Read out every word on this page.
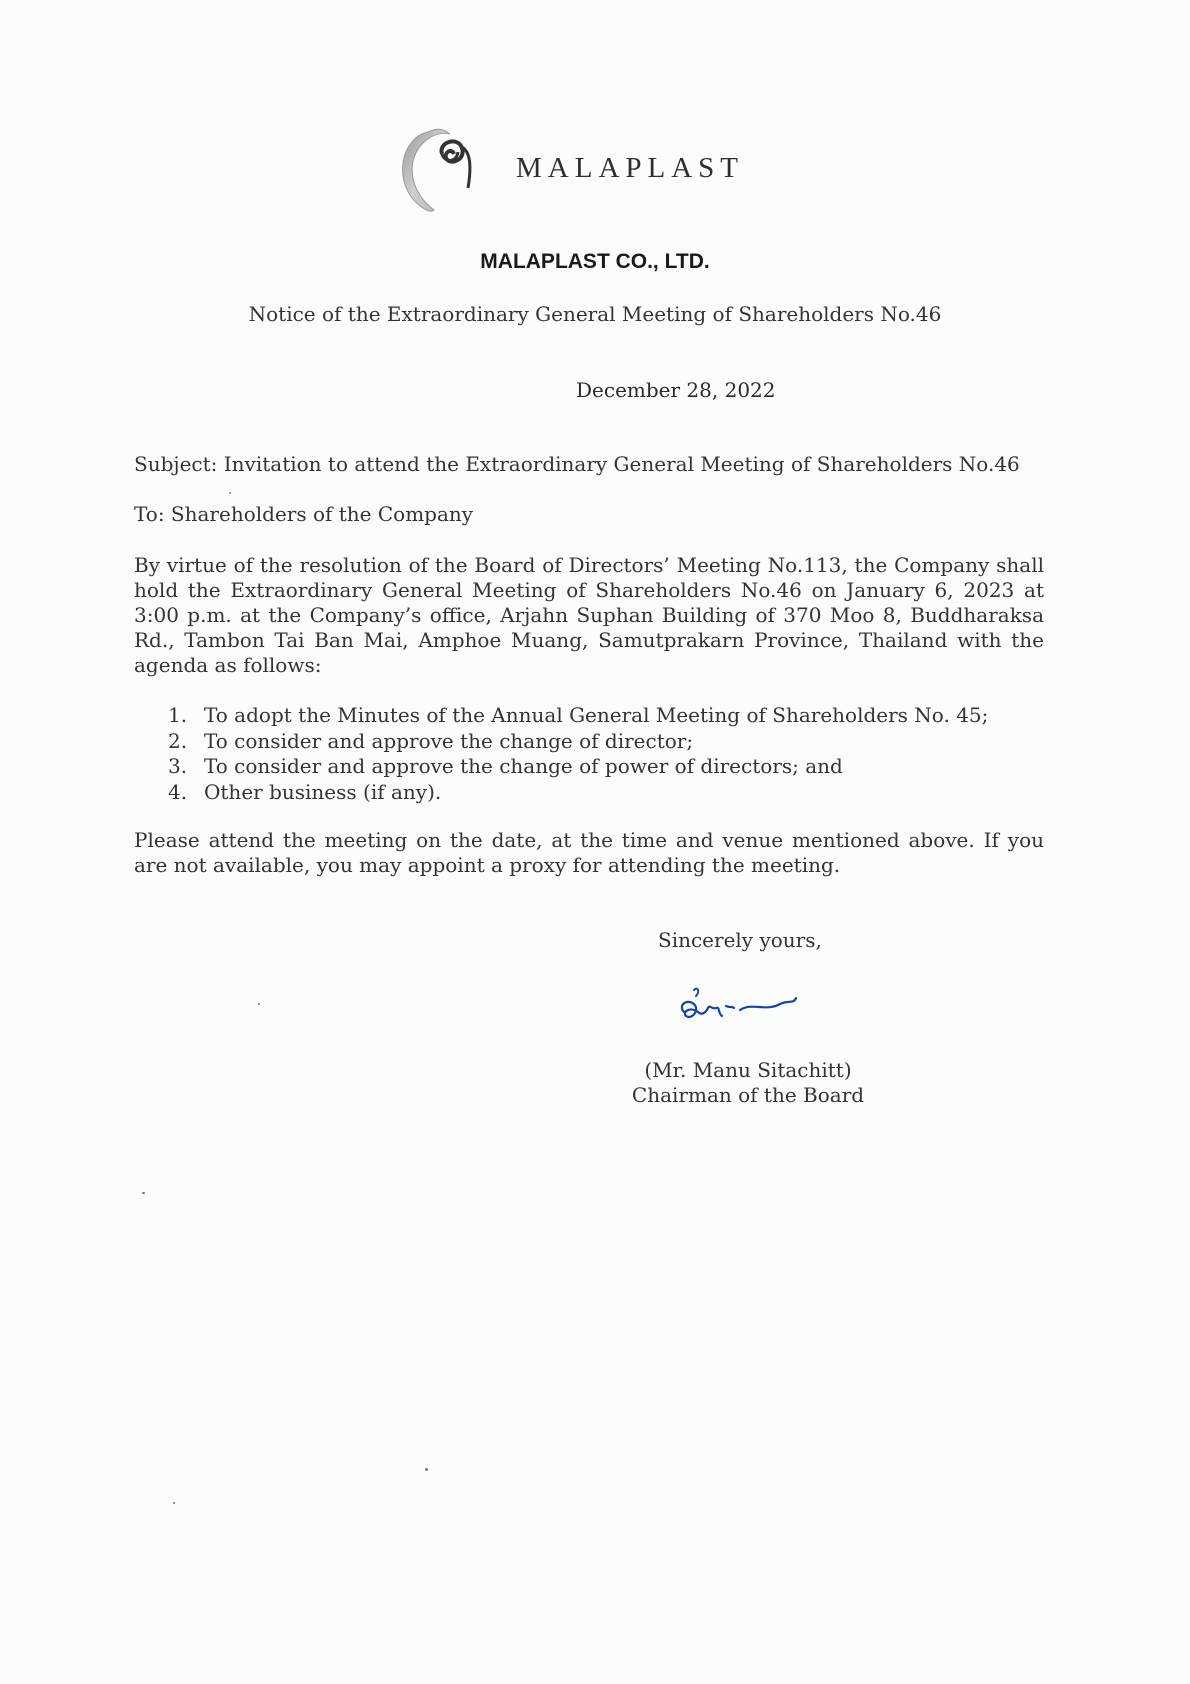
MALAPLAST
MALAPLAST CO., LTD.
Notice of the Extraordinary General Meeting of Shareholders No.46
December 28, 2022
Subject: Invitation to attend the Extraordinary General Meeting of Shareholders No.46
To: Shareholders of the Company
By virtue of the resolution of the Board of Directors’ Meeting No.113, the Company shall hold the Extraordinary General Meeting of Shareholders No.46 on January 6, 2023 at 3:00 p.m. at the Company’s office, Arjahn Suphan Building of 370 Moo 8, Buddharaksa Rd., Tambon Tai Ban Mai, Amphoe Muang, Samutprakarn Province, Thailand with the agenda as follows:
1. To adopt the Minutes of the Annual General Meeting of Shareholders No. 45;
2. To consider and approve the change of director;
3. To consider and approve the change of power of directors; and
4. Other business (if any).
Please attend the meeting on the date, at the time and venue mentioned above. If you are not available, you may appoint a proxy for attending the meeting.
Sincerely yours,
(Mr. Manu Sitachitt)
Chairman of the Board
